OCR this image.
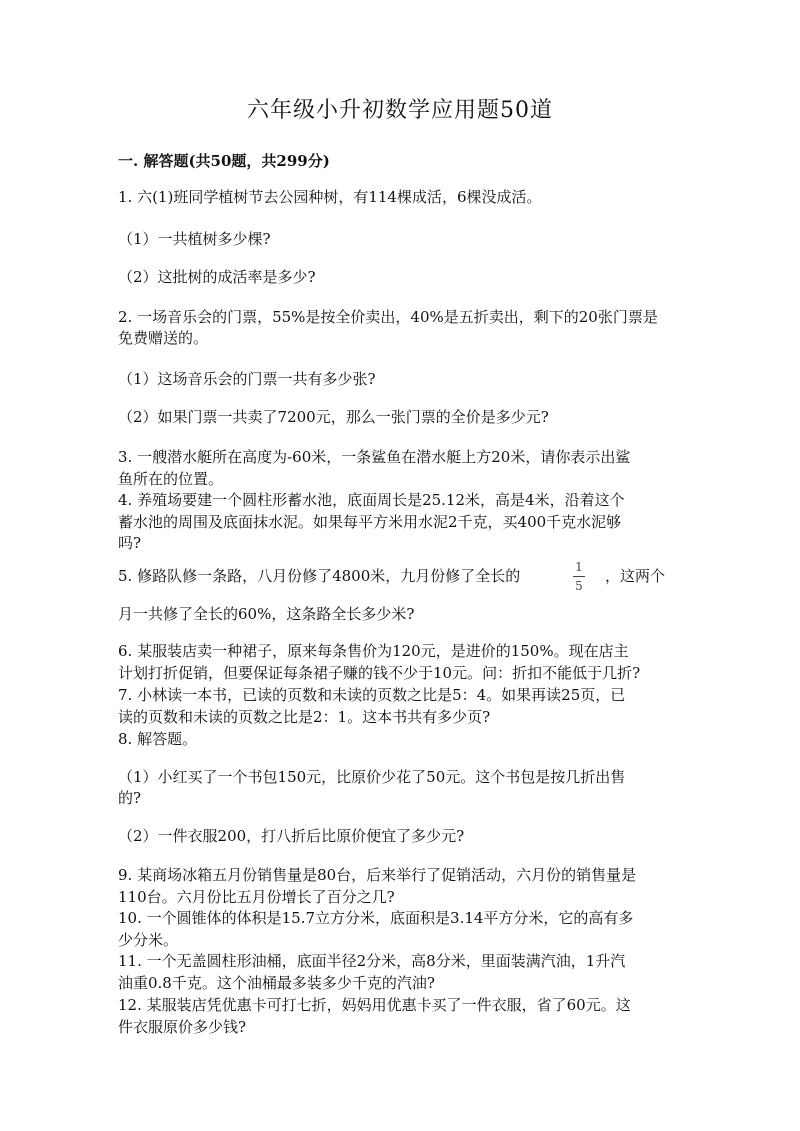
六年级小升初数学应用题50道
一. 解答题(共50题，共299分)
1. 六(1)班同学植树节去公园种树，有114棵成活，6棵没成活。
（1）一共植树多少棵?
（2）这批树的成活率是多少?
2. 一场音乐会的门票，55%是按全价卖出，40%是五折卖出，剩下的20张门票是
免费赠送的。
（1）这场音乐会的门票一共有多少张?
（2）如果门票一共卖了7200元，那么一张门票的全价是多少元?
3. 一艘潜水艇所在高度为-60米，一条鲨鱼在潜水艇上方20米，请你表示出鲨
鱼所在的位置。
4. 养殖场要建一个圆柱形蓄水池，底面周长是25.12米，高是4米，沿着这个
蓄水池的周围及底面抹水泥。如果每平方米用水泥2千克，买400千克水泥够
吗?
5. 修路队修一条路，八月份修了4800米，九月份修了全长的	1
5
，这两个
月一共修了全长的60%，这条路全长多少米?
6. 某服装店卖一种裙子，原来每条售价为120元，是进价的150%。现在店主
计划打折促销，但要保证每条裙子赚的钱不少于10元。问：折扣不能低于几折?
7. 小林读一本书，已读的页数和未读的页数之比是5：4。如果再读25页，已
读的页数和未读的页数之比是2：1。这本书共有多少页?
8. 解答题。
（1）小红买了一个书包150元，比原价少花了50元。这个书包是按几折出售
的?
（2）一件衣服200，打八折后比原价便宜了多少元?
9. 某商场冰箱五月份销售量是80台，后来举行了促销活动，六月份的销售量是
110台。六月份比五月份增长了百分之几?
10. 一个圆锥体的体积是15.7立方分米，底面积是3.14平方分米，它的高有多
少分米。
11. 一个无盖圆柱形油桶，底面半径2分米，高8分米，里面装满汽油，1升汽
油重0.8千克。这个油桶最多装多少千克的汽油?
12. 某服装店凭优惠卡可打七折，妈妈用优惠卡买了一件衣服，省了60元。这
件衣服原价多少钱?
